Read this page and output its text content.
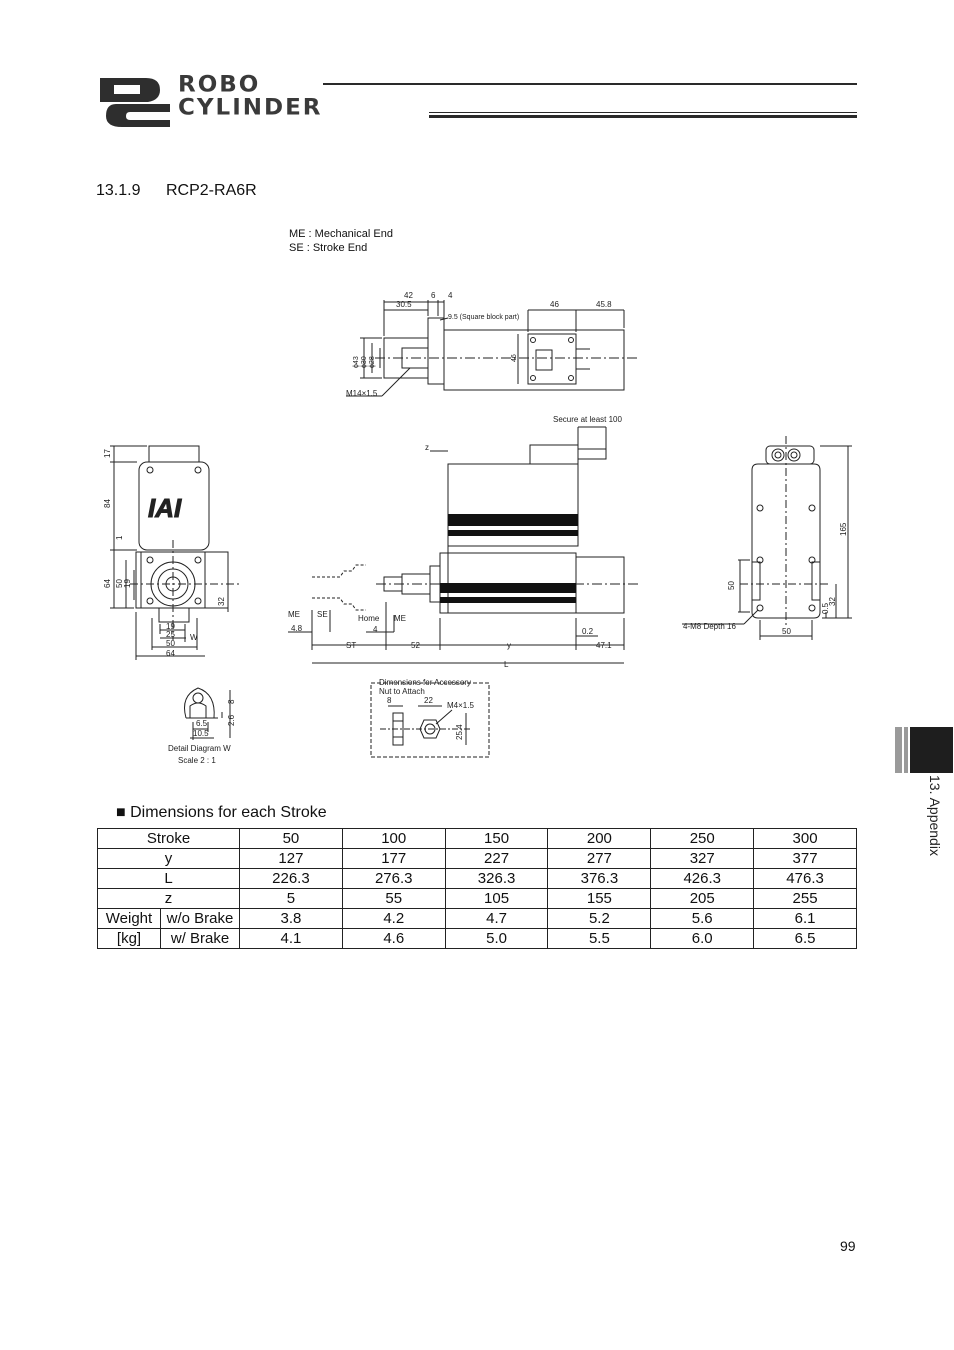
ROBO
CYLINDER
13.1.9 RCP2-RA6R
ME : Mechanical End
SE : Stroke End
IAI
42 6 4
30.5
9.5 (Square block part)
46	45.8
M14×1.5
ϕ43 ϕ30 ϕ28	46
Secure at least 100
z
ME SE
4.8
Home ME
4
ST	52	y
0.2
47.1
L
17
84
1
64 50 19
32
19
25 W
50
64
165
50
0.5
32
4-M8 Depth 16
50
8
2.6
6.5
10.5
Detail Diagram W
Scale 2 : 1
Dimensions for Accessory
Nut to Attach
8	22
M4×1.5
25.4
13. Appendix
■ Dimensions for each Stroke
Stroke		50	100	150	200	250	300
y		127	177	227	277	327	377
L		226.3	276.3	326.3	376.3	426.3	476.3
z		5	55	105	155	205	255
Weight	w/o Brake	3.8	4.2	4.7	5.2	5.6	6.1
[kg]	w/ Brake	4.1	4.6	5.0	5.5	6.0	6.5
99
